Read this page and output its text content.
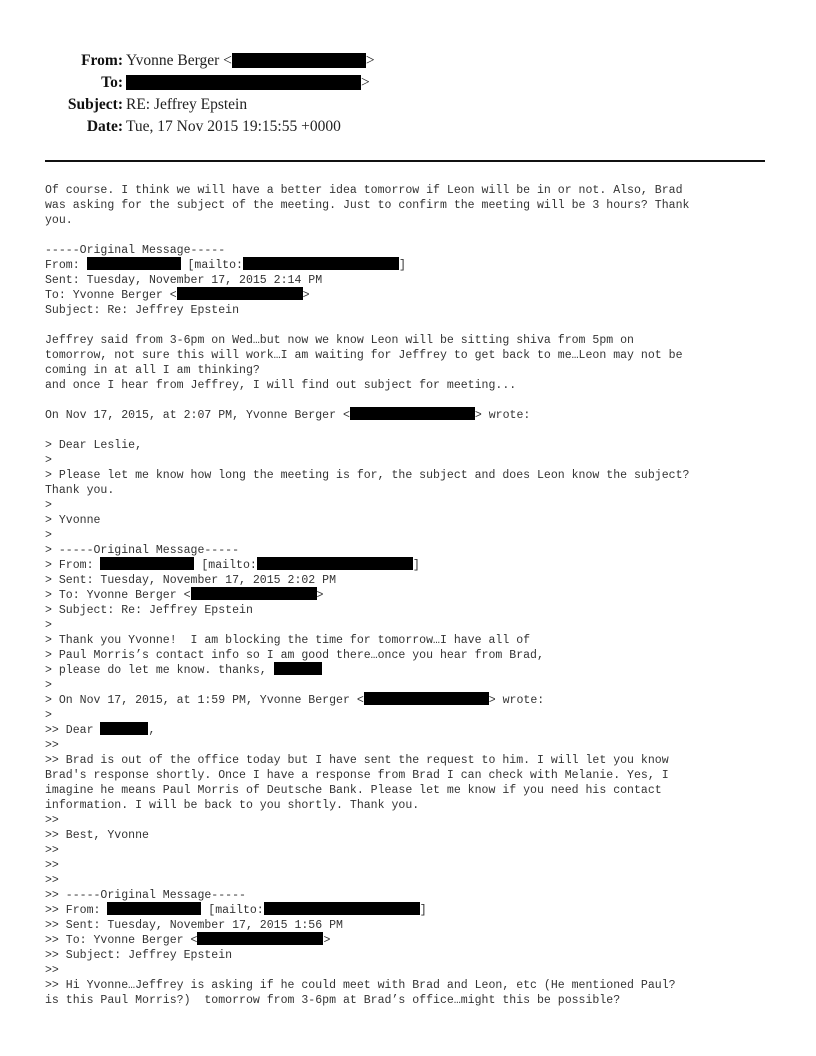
From: Yvonne Berger <	>
To:	>
Subject: RE: Jeffrey Epstein
Date: Tue, 17 Nov 2015 19:15:55 +0000
Of course. I think we will have a better idea tomorrow if Leon will be in or not. Also, Brad
was asking for the subject of the meeting. Just to confirm the meeting will be 3 hours? Thank
you.
-----Original Message-----
From:	[mailto:	]
Sent: Tuesday, November 17, 2015 2:14 PM
To: Yvonne Berger <	>
Subject: Re: Jeffrey Epstein
Jeffrey said from 3-6pm on Wed…but now we know Leon will be sitting shiva from 5pm on
tomorrow, not sure this will work…I am waiting for Jeffrey to get back to me…Leon may not be
coming in at all I am thinking?
and once I hear from Jeffrey, I will find out subject for meeting...
On Nov 17, 2015, at 2:07 PM, Yvonne Berger <	> wrote:
> Dear Leslie,
>
> Please let me know how long the meeting is for, the subject and does Leon know the subject?
Thank you.
>
> Yvonne
>
> -----Original Message-----
> From:	[mailto:	]
> Sent: Tuesday, November 17, 2015 2:02 PM
> To: Yvonne Berger <	>
> Subject: Re: Jeffrey Epstein
>
> Thank you Yvonne!  I am blocking the time for tomorrow…I have all of
> Paul Morris’s contact info so I am good there…once you hear from Brad,
> please do let me know. thanks,
>
> On Nov 17, 2015, at 1:59 PM, Yvonne Berger <	> wrote:
>
>> Dear	,
>>
>> Brad is out of the office today but I have sent the request to him. I will let you know
Brad's response shortly. Once I have a response from Brad I can check with Melanie. Yes, I
imagine he means Paul Morris of Deutsche Bank. Please let me know if you need his contact
information. I will be back to you shortly. Thank you.
>>
>> Best, Yvonne
>>
>>
>>
>> -----Original Message-----
>> From:	[mailto:	]
>> Sent: Tuesday, November 17, 2015 1:56 PM
>> To: Yvonne Berger <	>
>> Subject: Jeffrey Epstein
>>
>> Hi Yvonne…Jeffrey is asking if he could meet with Brad and Leon, etc (He mentioned Paul?
is this Paul Morris?)  tomorrow from 3-6pm at Brad’s office…might this be possible?
